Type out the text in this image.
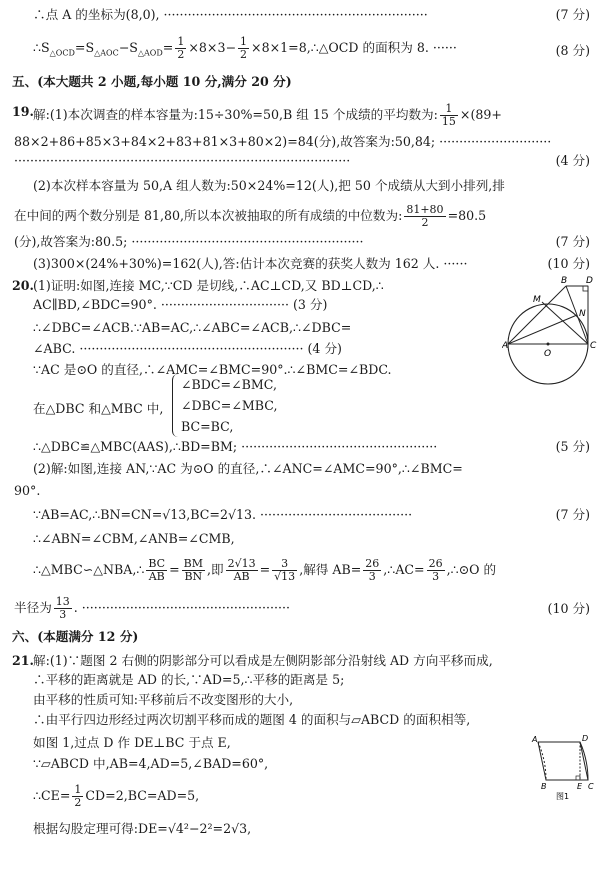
∴点 A 的坐标为(8,0), ··································································	(7 分)
$\therefore S_{\triangle OCD}=S_{\triangle AOC}-S_{\triangle AOD}= \frac{1}{2} \times 8\times 3- \frac{1}{2}$ ×8×1=8,∴△OCD 的面积为 8. ······	(8 分)
五、(本大题共 2 小题,每小题 10 分,满分 20 分)
19. 解:(1)本次调查的样本容量为:15÷30%=50,B 组 15 个成绩的平均数为: $\frac{1}{15} \times(89+$
88×2+86+85×3+84×2+83+81×3+80×2)=84(分),故答案为:50,84; ····························
····················································································	(4 分)
(2)本次样本容量为 50,A 组人数为:50×24%=12(人),把 50 个成绩从大到小排列,排
在中间的两个数分别是 81,80,所以本次被抽取的所有成绩的中位数为: $\frac{81+80}{2} =80.5$
(分),故答案为:80.5; ··························································	(7 分)
(3)300×(24%+30%)=162(人),答:估计本次竞赛的获奖人数为 162 人. ······	(10 分)
20. (1)证明:如图,连接 MC,∵CD 是切线,∴AC⊥CD,又 BD⊥CD,∴
AC∥BD,∠BDC=90°. ································ (3 分)
∴∠DBC=∠ACB.∵AB=AC,∴∠ABC=∠ACB,∴∠DBC=
∠ABC. ························································ (4 分)
∵AC 是⊙O 的直径,∴∠AMC=∠BMC=90°.∴∠BMC=∠BDC.
在△DBC 和△MBC 中,
∠BDC=∠BMC,
∠DBC=∠MBC,
BC=BC,
∴△DBC≌△MBC(AAS),∴BD=BM; ·················································	(5 分)
(2)解:如图,连接 AN,∵AC 为⊙O 的直径,∴∠ANC=∠AMC=90°,∴∠BMC=
90°.
∵AB=AC,∴BN=CN=√13,BC=2√13. ······································	(7 分)
∴∠ABN=∠CBM,∠ANB=∠CMB,
∴△MBC∽△NBA,∴ $\frac{BC}{AB} = \frac{BM}{BN}$ ,即 $\frac{2√13}{AB} = \frac{3}{√13}$ ,解得 $AB= \frac{26}{3}$ ,∴AC= $\frac{26}{3}$ ,∴⊙O 的
半径为 $\frac{13}{3}$ . ····················································	(10 分)
A	C
O
B D
M
N
六、(本题满分 12 分)
21. 解:(1)∵题图 2 右侧的阴影部分可以看成是左侧阴影部分沿射线 AD 方向平移而成,
∴平移的距离就是 AD 的长,∵AD=5,∴平移的距离是 5;
由平移的性质可知:平移前后不改变图形的大小,
∴由平行四边形经过两次切割平移而成的题图 4 的面积与▱ABCD 的面积相等,
如图 1,过点 D 作 DE⊥BC 于点 E,
∵▱ABCD 中,AB=4,AD=5,∠BAD=60°,
∴CE= $\frac{1}{2} CD=2,BC=AD=5$,
根据勾股定理可得:DE=√4²−2²=2√3,
A	D
B	E C
图1
